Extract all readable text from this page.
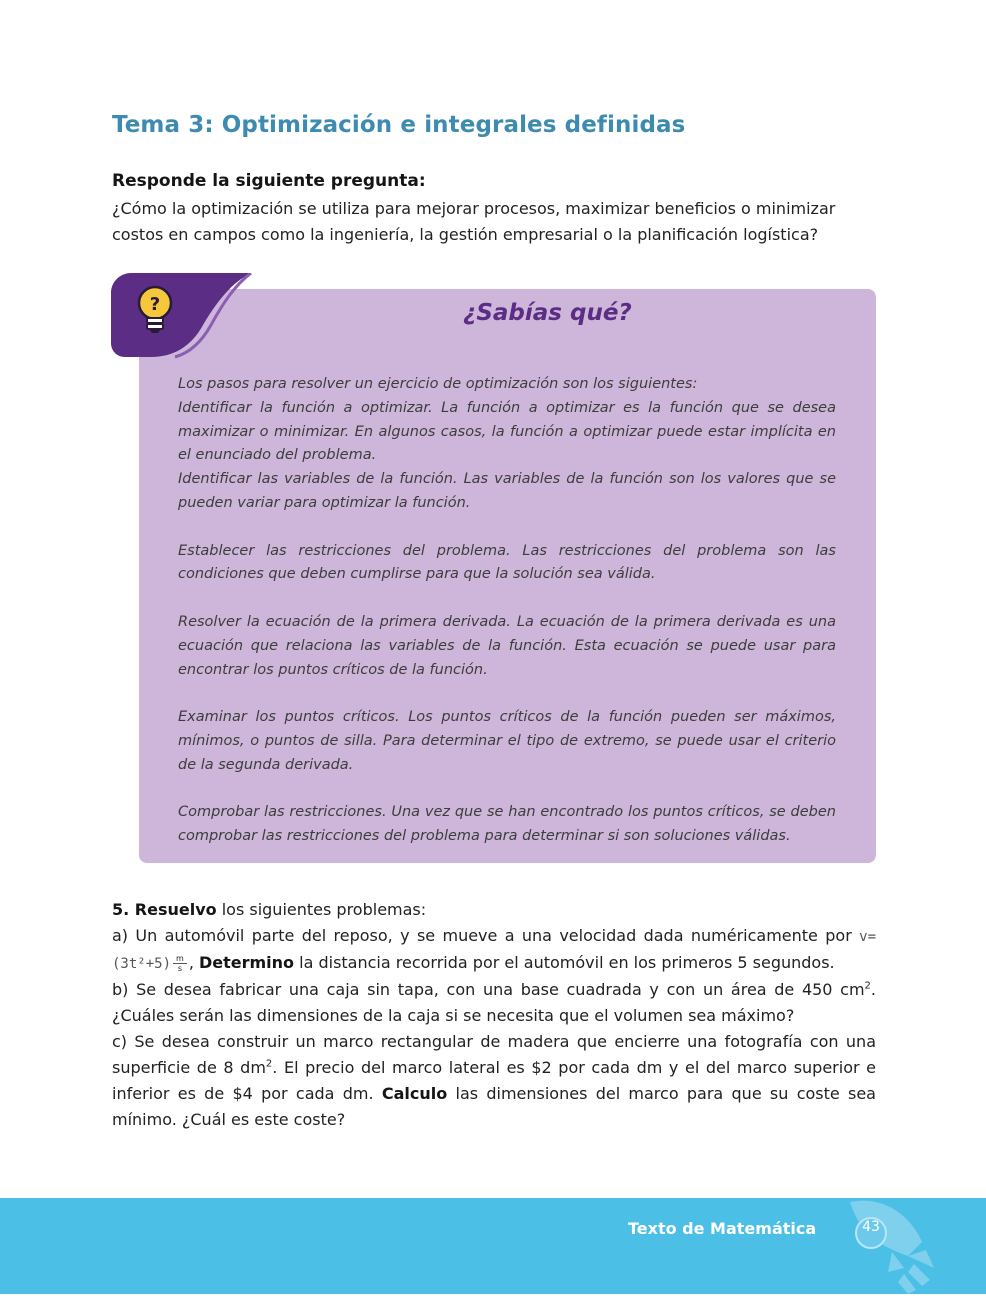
Tema 3: Optimización e integrales definidas
Responde la siguiente pregunta:
¿Cómo la optimización se utiliza para mejorar procesos, maximizar beneficios o minimizar costos en campos como la ingeniería, la gestión empresarial o la planificación logística?
?	¿Sabías qué?

Los pasos para resolver un ejercicio de optimización son los siguientes:

Identificar la función a optimizar. La función a optimizar es la función que se desea maximizar o minimizar. En algunos casos, la función a optimizar puede estar implícita en el enunciado del problema.

Identificar las variables de la función. Las variables de la función son los valores que se pueden variar para optimizar la función.

Establecer las restricciones del problema. Las restricciones del problema son las condiciones que deben cumplirse para que la solución sea válida.

Resolver la ecuación de la primera derivada. La ecuación de la primera derivada es una ecuación que relaciona las variables de la función. Esta ecuación se puede usar para encontrar los puntos críticos de la función.

Examinar los puntos críticos. Los puntos críticos de la función pueden ser máximos, mínimos, o puntos de silla. Para determinar el tipo de extremo, se puede usar el criterio de la segunda derivada.

Comprobar las restricciones. Una vez que se han encontrado los puntos críticos, se deben comprobar las restricciones del problema para determinar si son soluciones válidas.

5. Resuelvo los siguientes problemas:

a) Un automóvil parte del reposo, y se mueve a una velocidad dada numéricamente por $v=(3t^2+5) \frac{m}{s}$ , Determino la distancia recorrida por el automóvil en los primeros 5 segundos.

b) Se desea fabricar una caja sin tapa, con una base cuadrada y con un área de 450 $cm^2$. ¿Cuáles serán las dimensiones de la caja si se necesita que el volumen sea máximo?

c) Se desea construir un marco rectangular de madera que encierre una fotografía con una superficie de 8 $dm^2$. El precio del marco lateral es $2 por cada dm y el del marco superior e inferior es de $4 por cada dm. Calculo las dimensiones del marco para que su coste sea mínimo. ¿Cuál es este coste?

Texto de Matemática	43
